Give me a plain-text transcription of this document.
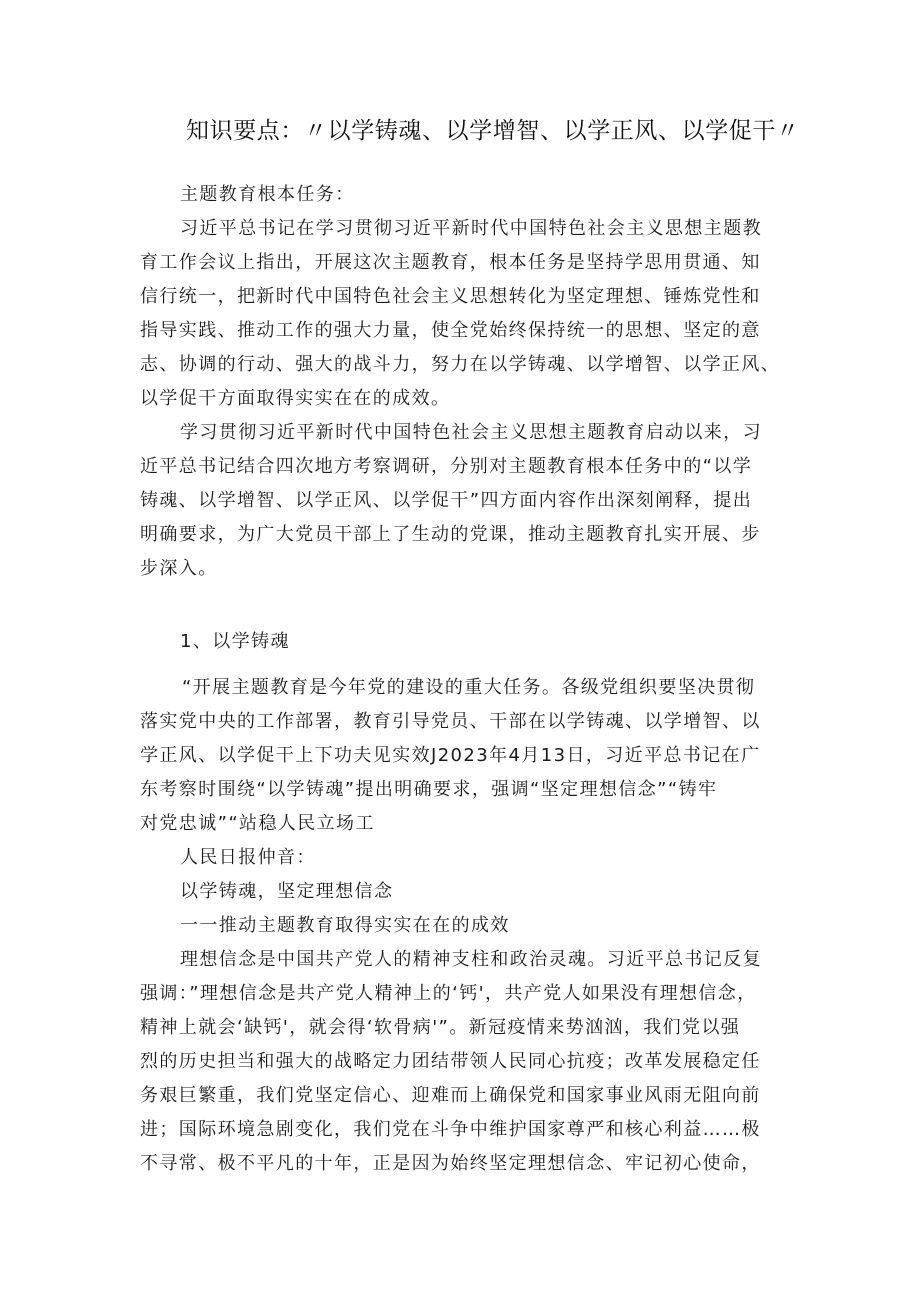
知识要点：〃以学铸魂、以学增智、以学正风、以学促干〃
主题教育根本任务：
习近平总书记在学习贯彻习近平新时代中国特色社会主义思想主题教
育工作会议上指出，开展这次主题教育，根本任务是坚持学思用贯通、知
信行统一，把新时代中国特色社会主义思想转化为坚定理想、锤炼党性和
指导实践、推动工作的强大力量，使全党始终保持统一的思想、坚定的意
志、协调的行动、强大的战斗力，努力在以学铸魂、以学增智、以学正风、
以学促干方面取得实实在在的成效。
学习贯彻习近平新时代中国特色社会主义思想主题教育启动以来，习
近平总书记结合四次地方考察调研，分别对主题教育根本任务中的“以学
铸魂、以学增智、以学正风、以学促干”四方面内容作出深刻阐释，提出
明确要求，为广大党员干部上了生动的党课，推动主题教育扎实开展、步
步深入。
1、以学铸魂
“开展主题教育是今年党的建设的重大任务。各级党组织要坚决贯彻
落实党中央的工作部署，教育引导党员、干部在以学铸魂、以学增智、以
学正风、以学促干上下功夫见实效J2023年4月13日，习近平总书记在广
东考察时围绕“以学铸魂”提出明确要求，强调“坚定理想信念”“铸牢
对党忠诚”“站稳人民立场工
人民日报仲音：
以学铸魂，坚定理想信念
一一推动主题教育取得实实在在的成效
理想信念是中国共产党人的精神支柱和政治灵魂。习近平总书记反复
强调：”理想信念是共产党人精神上的‘钙'，共产党人如果没有理想信念，
精神上就会‘缺钙'，就会得‘软骨病'”。新冠疫情来势汹汹，我们党以强
烈的历史担当和强大的战略定力团结带领人民同心抗疫；改革发展稳定任
务艰巨繁重，我们党坚定信心、迎难而上确保党和国家事业风雨无阻向前
进；国际环境急剧变化，我们党在斗争中维护国家尊严和核心利益……极
不寻常、极不平凡的十年，正是因为始终坚定理想信念、牢记初心使命，
